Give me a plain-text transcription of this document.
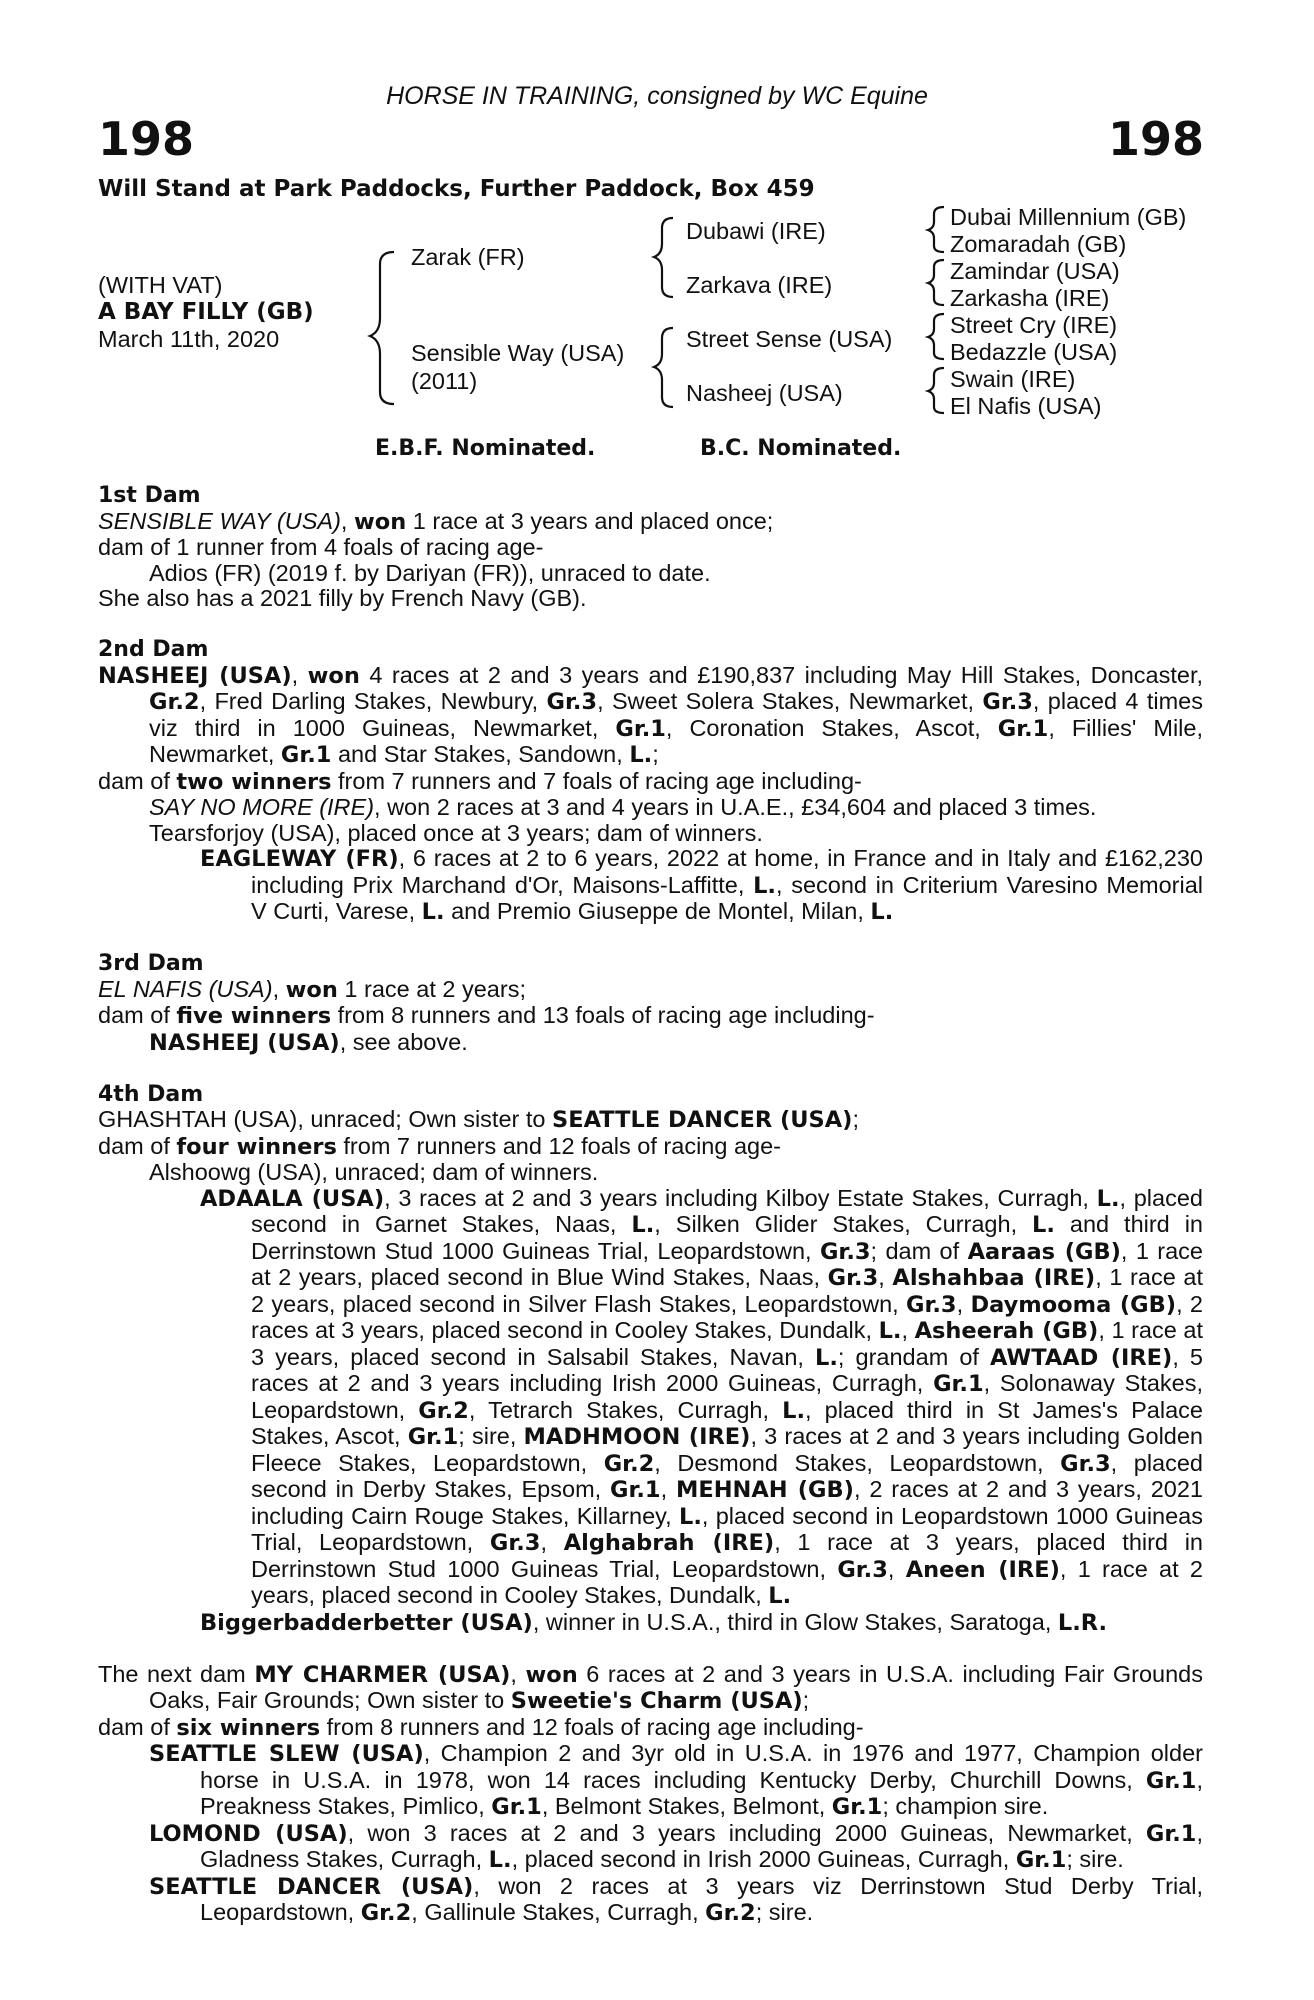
HORSE IN TRAINING, consigned by WC Equine
198	198
Will Stand at Park Paddocks, Further Paddock, Box 459
(WITH VAT)
A BAY FILLY (GB)
March 11th, 2020
Zarak (FR)
Sensible Way (USA)
(2011)
Dubawi (IRE)
Zarkava (IRE)
Street Sense (USA)
Nasheej (USA)
Dubai Millennium (GB)
Zomaradah (GB)
Zamindar (USA)
Zarkasha (IRE)
Street Cry (IRE)
Bedazzle (USA)
Swain (IRE)
El Nafis (USA)
E.B.F. Nominated.	B.C. Nominated.

1st Dam

SENSIBLE WAY (USA), won 1 race at 3 years and placed once;

dam of 1 runner from 4 foals of racing age-

Adios (FR) (2019 f. by Dariyan (FR)), unraced to date.

She also has a 2021 filly by French Navy (GB).

2nd Dam

NASHEEJ (USA), won 4 races at 2 and 3 years and £190,837 including May Hill Stakes, Doncaster, Gr.2, Fred Darling Stakes, Newbury, Gr.3, Sweet Solera Stakes, Newmarket, Gr.3, placed 4 times viz third in 1000 Guineas, Newmarket, Gr.1, Coronation Stakes, Ascot, Gr.1, Fillies' Mile, Newmarket, Gr.1 and Star Stakes, Sandown, L.;

dam of two winners from 7 runners and 7 foals of racing age including-

SAY NO MORE (IRE), won 2 races at 3 and 4 years in U.A.E., £34,604 and placed 3 times.

Tearsforjoy (USA), placed once at 3 years; dam of winners.

EAGLEWAY (FR), 6 races at 2 to 6 years, 2022 at home, in France and in Italy and £162,230 including Prix Marchand d'Or, Maisons-Laffitte, L., second in Criterium Varesino Memorial V Curti, Varese, L. and Premio Giuseppe de Montel, Milan, L.

3rd Dam

EL NAFIS (USA), won 1 race at 2 years;

dam of five winners from 8 runners and 13 foals of racing age including-

NASHEEJ (USA), see above.

4th Dam

GHASHTAH (USA), unraced; Own sister to SEATTLE DANCER (USA);

dam of four winners from 7 runners and 12 foals of racing age-

Alshoowg (USA), unraced; dam of winners.

ADAALA (USA), 3 races at 2 and 3 years including Kilboy Estate Stakes, Curragh, L., placed second in Garnet Stakes, Naas, L., Silken Glider Stakes, Curragh, L. and third in Derrinstown Stud 1000 Guineas Trial, Leopardstown, Gr.3; dam of Aaraas (GB), 1 race at 2 years, placed second in Blue Wind Stakes, Naas, Gr.3, Alshahbaa (IRE), 1 race at 2 years, placed second in Silver Flash Stakes, Leopardstown, Gr.3, Daymooma (GB), 2 races at 3 years, placed second in Cooley Stakes, Dundalk, L., Asheerah (GB), 1 race at 3 years, placed second in Salsabil Stakes, Navan, L.; grandam of AWTAAD (IRE), 5 races at 2 and 3 years including Irish 2000 Guineas, Curragh, Gr.1, Solonaway Stakes, Leopardstown, Gr.2, Tetrarch Stakes, Curragh, L., placed third in St James's Palace Stakes, Ascot, Gr.1; sire, MADHMOON (IRE), 3 races at 2 and 3 years including Golden Fleece Stakes, Leopardstown, Gr.2, Desmond Stakes, Leopardstown, Gr.3, placed second in Derby Stakes, Epsom, Gr.1, MEHNAH (GB), 2 races at 2 and 3 years, 2021 including Cairn Rouge Stakes, Killarney, L., placed second in Leopardstown 1000 Guineas Trial, Leopardstown, Gr.3, Alghabrah (IRE), 1 race at 3 years, placed third in Derrinstown Stud 1000 Guineas Trial, Leopardstown, Gr.3, Aneen (IRE), 1 race at 2 years, placed second in Cooley Stakes, Dundalk, L.

Biggerbadderbetter (USA), winner in U.S.A., third in Glow Stakes, Saratoga, L.R.

The next dam MY CHARMER (USA), won 6 races at 2 and 3 years in U.S.A. including Fair Grounds Oaks, Fair Grounds; Own sister to Sweetie's Charm (USA);

dam of six winners from 8 runners and 12 foals of racing age including-

SEATTLE SLEW (USA), Champion 2 and 3yr old in U.S.A. in 1976 and 1977, Champion older horse in U.S.A. in 1978, won 14 races including Kentucky Derby, Churchill Downs, Gr.1, Preakness Stakes, Pimlico, Gr.1, Belmont Stakes, Belmont, Gr.1; champion sire.

LOMOND (USA), won 3 races at 2 and 3 years including 2000 Guineas, Newmarket, Gr.1, Gladness Stakes, Curragh, L., placed second in Irish 2000 Guineas, Curragh, Gr.1; sire.

SEATTLE DANCER (USA), won 2 races at 3 years viz Derrinstown Stud Derby Trial, Leopardstown, Gr.2, Gallinule Stakes, Curragh, Gr.2; sire.
